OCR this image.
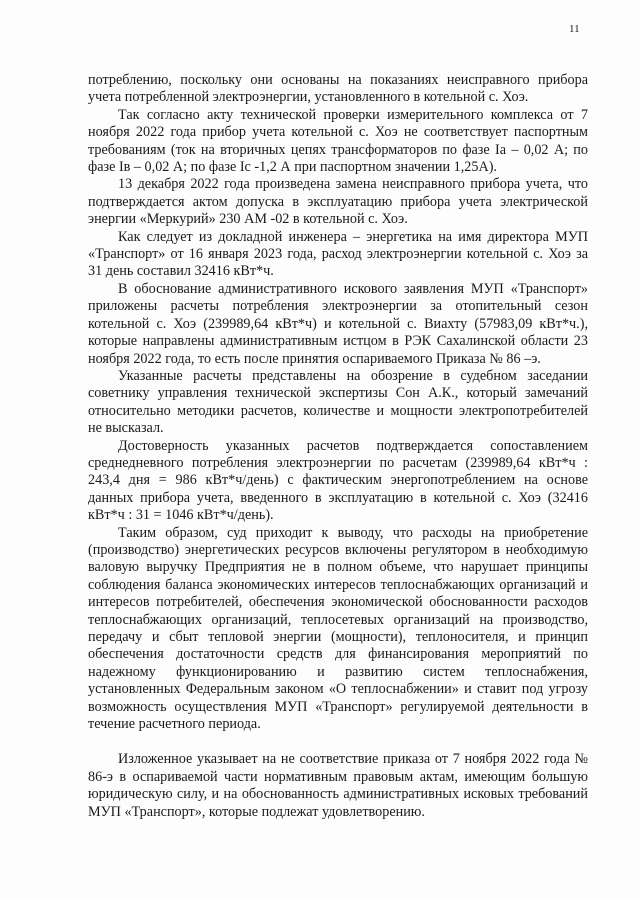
11

потреблению, поскольку они основаны на показаниях неисправного прибора учета потребленной электроэнергии, установленного в котельной с. Хоэ.

Так согласно акту технической проверки измерительного комплекса от 7 ноября 2022 года прибор учета котельной с. Хоэ не соответствует паспортным требованиям (ток на вторичных цепях трансформаторов по фазе Iа – 0,02 А; по фазе Iв – 0,02 А; по фазе Iс -1,2 А при паспортном значении 1,25А).

13 декабря 2022 года произведена замена неисправного прибора учета, что подтверждается актом допуска в эксплуатацию прибора учета электрической энергии «Меркурий» 230 АМ -02 в котельной с. Хоэ.

Как следует из докладной инженера – энергетика на имя директора МУП «Транспорт» от 16 января 2023 года, расход электроэнергии котельной с. Хоэ за 31 день составил 32416 кВт*ч.

В обоснование административного искового заявления МУП «Транспорт» приложены расчеты потребления электроэнергии за отопительный сезон котельной с. Хоэ (239989,64 кВт*ч) и котельной с. Виахту (57983,09 кВт*ч.), которые направлены административным истцом в РЭК Сахалинской области 23 ноября 2022 года, то есть после принятия оспариваемого Приказа № 86 –э.

Указанные расчеты представлены на обозрение в судебном заседании советнику управления технической экспертизы Сон А.К., который замечаний относительно методики расчетов, количестве и мощности электропотребителей не высказал.

Достоверность указанных расчетов подтверждается сопоставлением среднедневного потребления электроэнергии по расчетам (239989,64 кВт*ч : 243,4 дня = 986 кВт*ч/день) с фактическим энергопотреблением на основе данных прибора учета, введенного в эксплуатацию в котельной с. Хоэ (32416 кВт*ч : 31 = 1046 кВт*ч/день).

Таким образом, суд приходит к выводу, что расходы на приобретение (производство) энергетических ресурсов включены регулятором в необходимую валовую выручку Предприятия не в полном объеме, что нарушает принципы соблюдения баланса экономических интересов теплоснабжающих организаций и интересов потребителей, обеспечения экономической обоснованности расходов теплоснабжающих организаций, теплосетевых организаций на производство, передачу и сбыт тепловой энергии (мощности), теплоносителя, и принцип обеспечения достаточности средств для финансирования мероприятий по надежному функционированию и развитию систем теплоснабжения, установленных Федеральным законом «О теплоснабжении» и ставит под угрозу возможность осуществления МУП «Транспорт» регулируемой деятельности в течение расчетного периода.

Изложенное указывает на не соответствие приказа от 7 ноября 2022 года № 86-э в оспариваемой части нормативным правовым актам, имеющим большую юридическую силу, и на обоснованность административных исковых требований МУП «Транспорт», которые подлежат удовлетворению.
